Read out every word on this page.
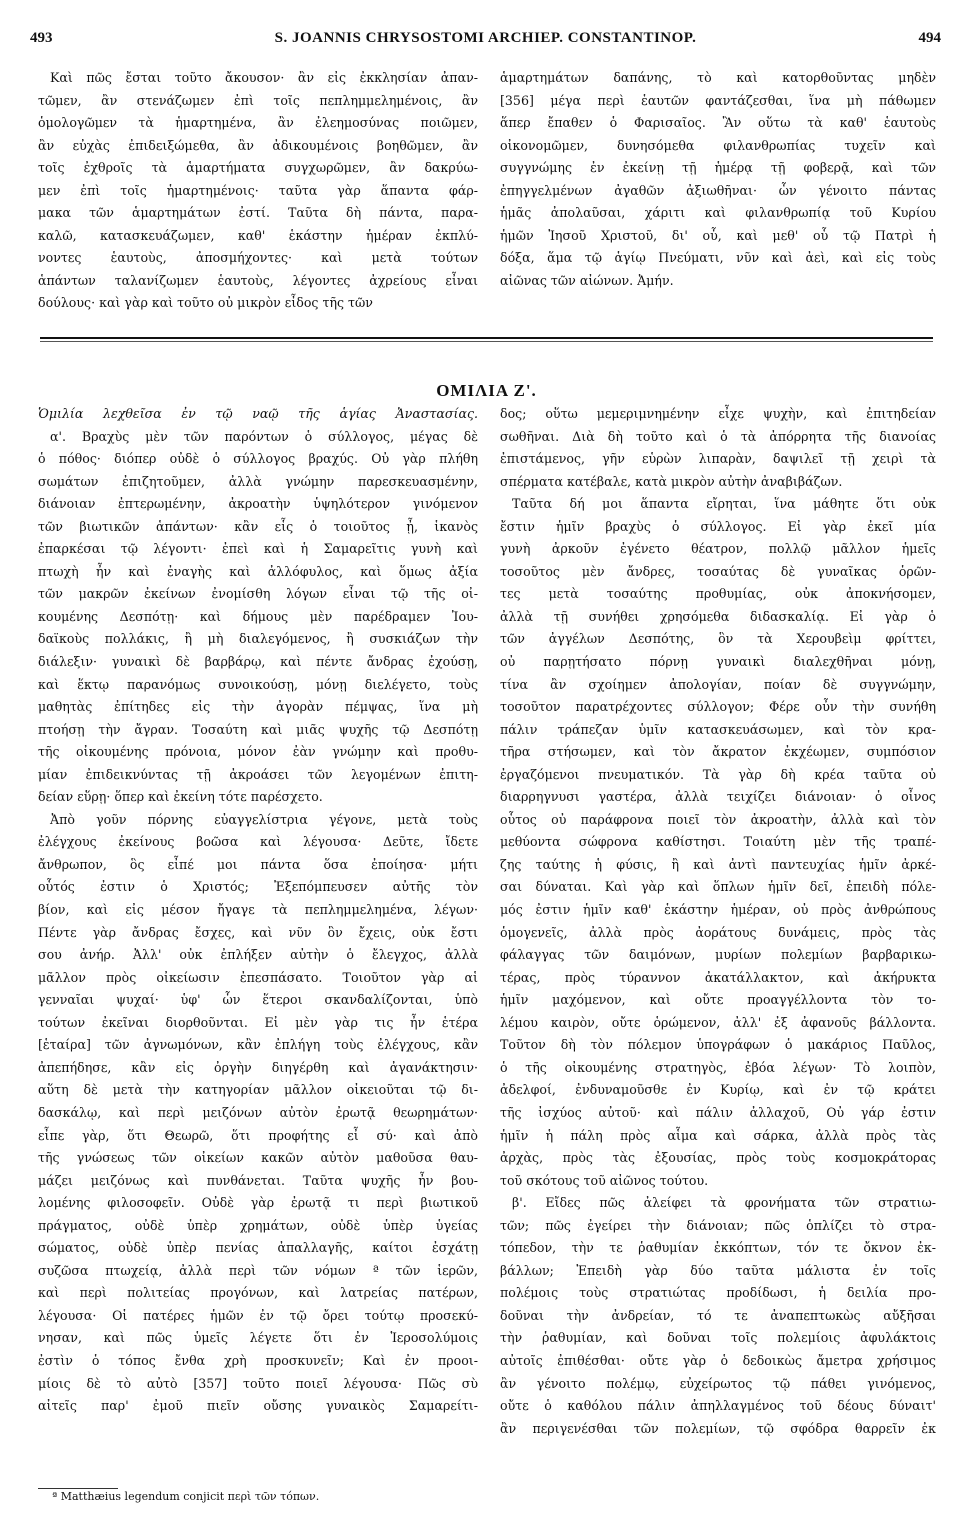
493	S. JOANNIS CHRYSOSTOMI ARCHIEP. CONSTANTINOP.	494
Καὶ πῶς ἔσται τοῦτο ἄκουσον· ἂν εἰς ἐκκλησίαν ἀπαν-
τῶμεν, ἂν στενάζωμεν ἐπὶ τοῖς πεπλημμελημένοις, ἂν
ὁμολογῶμεν τὰ ἡμαρτημένα, ἂν ἐλεημοσύνας ποιῶμεν,
ἂν εὐχὰς ἐπιδειξώμεθα, ἂν ἀδικουμένοις βοηθῶμεν, ἂν
τοῖς ἐχθροῖς τὰ ἁμαρτήματα συγχωρῶμεν, ἂν δακρύω-
μεν ἐπὶ τοῖς ἡμαρτημένοις· ταῦτα γὰρ ἅπαντα φάρ-
μακα τῶν ἁμαρτημάτων ἐστί. Ταῦτα δὴ πάντα, παρα-
καλῶ, κατασκευάζωμεν, καθ' ἑκάστην ἡμέραν ἐκπλύ-
νοντες ἑαυτοὺς, ἀποσμήχοντες· καὶ μετὰ τούτων
ἁπάντων ταλανίζωμεν ἑαυτοὺς, λέγοντες ἀχρείους εἶναι
δούλους· καὶ γὰρ καὶ τοῦτο οὐ μικρὸν εἶδος τῆς τῶν
ἁμαρτημάτων δαπάνης, τὸ καὶ κατορθοῦντας μηδὲν
[356] μέγα περὶ ἑαυτῶν φαντάζεσθαι, ἵνα μὴ πάθωμεν
ἅπερ ἔπαθεν ὁ Φαρισαῖος. Ἂν οὕτω τὰ καθ' ἑαυτοὺς
οἰκονομῶμεν, δυνησόμεθα φιλανθρωπίας τυχεῖν καὶ
συγγνώμης ἐν ἐκείνῃ τῇ ἡμέρᾳ τῇ φοβερᾷ, καὶ τῶν
ἐπηγγελμένων ἀγαθῶν ἀξιωθῆναι· ὧν γένοιτο πάντας
ἡμᾶς ἀπολαῦσαι, χάριτι καὶ φιλανθρωπίᾳ τοῦ Κυρίου
ἡμῶν Ἰησοῦ Χριστοῦ, δι' οὗ, καὶ μεθ' οὗ τῷ Πατρὶ ἡ
δόξα, ἅμα τῷ ἁγίῳ Πνεύματι, νῦν καὶ ἀεὶ, καὶ εἰς τοὺς
αἰῶνας τῶν αἰώνων. Ἀμήν.
ΟΜΙΛΙΑ Ζ'.
Ὁμιλία λεχθεῖσα ἐν τῷ ναῷ τῆς ἁγίας Ἀναστασίας.
α'. Βραχὺς μὲν τῶν παρόντων ὁ σύλλογος, μέγας δὲ
ὁ πόθος· διόπερ οὐδὲ ὁ σύλλογος βραχύς. Οὐ γὰρ πλήθη
σωμάτων ἐπιζητοῦμεν, ἀλλὰ γνώμην παρεσκευασμένην,
διάνοιαν ἐπτερωμένην, ἀκροατὴν ὑψηλότερον γινόμενον
τῶν βιωτικῶν ἁπάντων· κἂν εἷς ὁ τοιοῦτος ᾖ, ἱκανὸς
ἐπαρκέσαι τῷ λέγοντι· ἐπεὶ καὶ ἡ Σαμαρεῖτις γυνὴ καὶ
πτωχὴ ἦν καὶ ἐναγὴς καὶ ἀλλόφυλος, καὶ ὅμως ἀξία
τῶν μακρῶν ἐκείνων ἐνομίσθη λόγων εἶναι τῷ τῆς οἰ-
κουμένης Δεσπότῃ· καὶ δήμους μὲν παρέδραμεν Ἰου-
δαϊκοὺς πολλάκις, ἢ μὴ διαλεγόμενος, ἢ συσκιάζων τὴν
διάλεξιν· γυναικὶ δὲ βαρβάρῳ, καὶ πέντε ἄνδρας ἐχούσῃ,
καὶ ἕκτῳ παρανόμως συνοικούσῃ, μόνῃ διελέγετο, τοὺς
μαθητὰς ἐπίτηδες εἰς τὴν ἀγορὰν πέμψας, ἵνα μὴ
πτοήσῃ τὴν ἄγραν. Τοσαύτη καὶ μιᾶς ψυχῆς τῷ Δεσπότῃ
τῆς οἰκουμένης πρόνοια, μόνον ἐὰν γνώμην καὶ προθυ-
μίαν ἐπιδεικνύντας τῇ ἀκροάσει τῶν λεγομένων ἐπιτη-
δείαν εὕρῃ· ὅπερ καὶ ἐκείνη τότε παρέσχετο.
Ἀπὸ γοῦν πόρνης εὐαγγελίστρια γέγονε, μετὰ τοὺς
ἐλέγχους ἐκείνους βοῶσα καὶ λέγουσα· Δεῦτε, ἴδετε
ἄνθρωπον, ὃς εἶπέ μοι πάντα ὅσα ἐποίησα· μήτι
οὗτός ἐστιν ὁ Χριστός; Ἐξεπόμπευσεν αὐτῆς τὸν
βίον, καὶ εἰς μέσον ἤγαγε τὰ πεπλημμελημένα, λέγων·
Πέντε γὰρ ἄνδρας ἔσχες, καὶ νῦν ὃν ἔχεις, οὐκ ἔστι
σου ἀνήρ. Ἀλλ' οὐκ ἐπλήξεν αὐτὴν ὁ ἔλεγχος, ἀλλὰ
μᾶλλον πρὸς οἰκείωσιν ἐπεσπάσατο. Τοιοῦτον γὰρ αἱ
γενναῖαι ψυχαί· ὑφ' ὧν ἕτεροι σκανδαλίζονται, ὑπὸ
τούτων ἐκεῖναι διορθοῦνται. Εἰ μὲν γὰρ τις ἦν ἑτέρα
[ἑταίρα] τῶν ἀγνωμόνων, κἂν ἐπλήγη τοὺς ἐλέγχους, κἂν
ἀπεπήδησε, κἂν εἰς ὀργὴν διηγέρθη καὶ ἀγανάκτησιν·
αὕτη δὲ μετὰ τὴν κατηγορίαν μᾶλλον οἰκειοῦται τῷ δι-
δασκάλῳ, καὶ περὶ μειζόνων αὐτὸν ἐρωτᾷ θεωρημάτων·
εἶπε γὰρ, ὅτι Θεωρῶ, ὅτι προφήτης εἶ σύ· καὶ ἀπὸ
τῆς γνώσεως τῶν οἰκείων κακῶν αὐτὸν μαθοῦσα θαυ-
μάζει μειζόνως καὶ πυνθάνεται. Ταῦτα ψυχῆς ἦν βου-
λομένης φιλοσοφεῖν. Οὐδὲ γὰρ ἐρωτᾷ τι περὶ βιωτικοῦ
πράγματος, οὐδὲ ὑπὲρ χρημάτων, οὐδὲ ὑπὲρ ὑγείας
σώματος, οὐδὲ ὑπὲρ πενίας ἀπαλλαγῆς, καίτοι ἐσχάτῃ
συζῶσα πτωχείᾳ, ἀλλὰ περὶ τῶν νόμων ª τῶν ἱερῶν,
καὶ περὶ πολιτείας προγόνων, καὶ λατρείας πατέρων,
λέγουσα· Οἱ πατέρες ἡμῶν ἐν τῷ ὄρει τούτῳ προσεκύ-
νησαν, καὶ πῶς ὑμεῖς λέγετε ὅτι ἐν Ἱεροσολύμοις
ἐστὶν ὁ τόπος ἔνθα χρὴ προσκυνεῖν; Καὶ ἐν προοι-
μίοις δὲ τὸ αὐτὸ [357] τοῦτο ποιεῖ λέγουσα· Πῶς σὺ
αἰτεῖς παρ' ἐμοῦ πιεῖν οὔσης γυναικὸς Σαμαρείτι-
δος; οὕτω μεμεριμνημένην εἶχε ψυχὴν, καὶ ἐπιτηδείαν
σωθῆναι. Διὰ δὴ τοῦτο καὶ ὁ τὰ ἀπόρρητα τῆς διανοίας
ἐπιστάμενος, γῆν εὑρὼν λιπαρὰν, δαψιλεῖ τῇ χειρὶ τὰ
σπέρματα κατέβαλε, κατὰ μικρὸν αὐτὴν ἀναβιβάζων.
Ταῦτα δή μοι ἅπαντα εἴρηται, ἵνα μάθητε ὅτι οὐκ
ἔστιν ἡμῖν βραχὺς ὁ σύλλογος. Εἰ γὰρ ἐκεῖ μία
γυνὴ ἀρκοῦν ἐγένετο θέατρον, πολλῷ μᾶλλον ἡμεῖς
τοσοῦτος μὲν ἄνδρες, τοσαύτας δὲ γυναῖκας ὁρῶν-
τες μετὰ τοσαύτης προθυμίας, οὐκ ἀποκνήσομεν,
ἀλλὰ τῇ συνήθει χρησόμεθα διδασκαλίᾳ. Εἰ γὰρ ὁ
τῶν ἀγγέλων Δεσπότης, ὃν τὰ Χερουβεὶμ φρίττει,
οὐ παρῃτήσατο πόρνῃ γυναικὶ διαλεχθῆναι μόνῃ,
τίνα ἂν σχοίημεν ἀπολογίαν, ποίαν δὲ συγγνώμην,
τοσοῦτον παρατρέχοντες σύλλογον; Φέρε οὖν τὴν συνήθη
πάλιν τράπεζαν ὑμῖν κατασκευάσωμεν, καὶ τὸν κρα-
τῆρα στήσωμεν, καὶ τὸν ἄκρατον ἐκχέωμεν, συμπόσιον
ἐργαζόμενοι πνευματικόν. Τὰ γὰρ δὴ κρέα ταῦτα οὐ
διαρρηγνυσι γαστέρα, ἀλλὰ τειχίζει διάνοιαν· ὁ οἶνος
οὗτος οὐ παράφρονα ποιεῖ τὸν ἀκροατὴν, ἀλλὰ καὶ τὸν
μεθύοντα σώφρονα καθίστησι. Τοιαύτη μὲν τῆς τραπέ-
ζης ταύτης ἡ φύσις, ἢ καὶ ἀντὶ παντευχίας ἡμῖν ἀρκέ-
σαι δύναται. Καὶ γὰρ καὶ ὅπλων ἡμῖν δεῖ, ἐπειδὴ πόλε-
μός ἐστιν ἡμῖν καθ' ἑκάστην ἡμέραν, οὐ πρὸς ἀνθρώπους
ὁμογενεῖς, ἀλλὰ πρὸς ἀοράτους δυνάμεις, πρὸς τὰς
φάλαγγας τῶν δαιμόνων, μυρίων πολεμίων βαρβαρικω-
τέρας, πρὸς τύραννον ἀκατάλλακτον, καὶ ἀκήρυκτα
ἡμῖν μαχόμενον, καὶ οὔτε προαγγέλλοντα τὸν το-
λέμου καιρὸν, οὔτε ὁρώμενον, ἀλλ' ἐξ ἀφανοῦς βάλλοντα.
Τοῦτον δὴ τὸν πόλεμον ὑπογράφων ὁ μακάριος Παῦλος,
ὁ τῆς οἰκουμένης στρατηγὸς, ἐβόα λέγων· Τὸ λοιπὸν,
ἀδελφοί, ἐνδυναμοῦσθε ἐν Κυρίῳ, καὶ ἐν τῷ κράτει
τῆς ἰσχύος αὐτοῦ· καὶ πάλιν ἀλλαχοῦ, Οὐ γάρ ἐστιν
ἡμῖν ἡ πάλη πρὸς αἷμα καὶ σάρκα, ἀλλὰ πρὸς τὰς
ἀρχὰς, πρὸς τὰς ἐξουσίας, πρὸς τοὺς κοσμοκράτορας
τοῦ σκότους τοῦ αἰῶνος τούτου.
β'. Εἴδες πῶς ἀλείφει τὰ φρονήματα τῶν στρατιω-
τῶν; πῶς ἐγείρει τὴν διάνοιαν; πῶς ὁπλίζει τὸ στρα-
τόπεδον, τὴν τε ῥαθυμίαν ἐκκόπτων, τόν τε ὄκνον ἐκ-
βάλλων; Ἐπειδὴ γὰρ δύο ταῦτα μάλιστα ἐν τοῖς
πολέμοις τοὺς στρατιώτας προδίδωσι, ἡ δειλία προ-
δοῦναι τὴν ἀνδρείαν, τό τε ἀναπεπτωκὼς αὔξῆσαι
τὴν ῥαθυμίαν, καὶ δοῦναι τοῖς πολεμίοις ἀφυλάκτοις
αὐτοῖς ἐπιθέσθαι· οὔτε γὰρ ὁ δεδοικὼς ἄμετρα χρήσιμος
ἂν γένοιτο πολέμῳ, εὐχείρωτος τῷ πάθει γινόμενος,
οὔτε ὁ καθόλου πάλιν ἀπηλλαγμένος τοῦ δέους δύναιτ'
ἂν περιγενέσθαι τῶν πολεμίων, τῷ σφόδρα θαρρεῖν ἐκ
ª Matthæius legendum conjicit περὶ τῶν τόπων.
